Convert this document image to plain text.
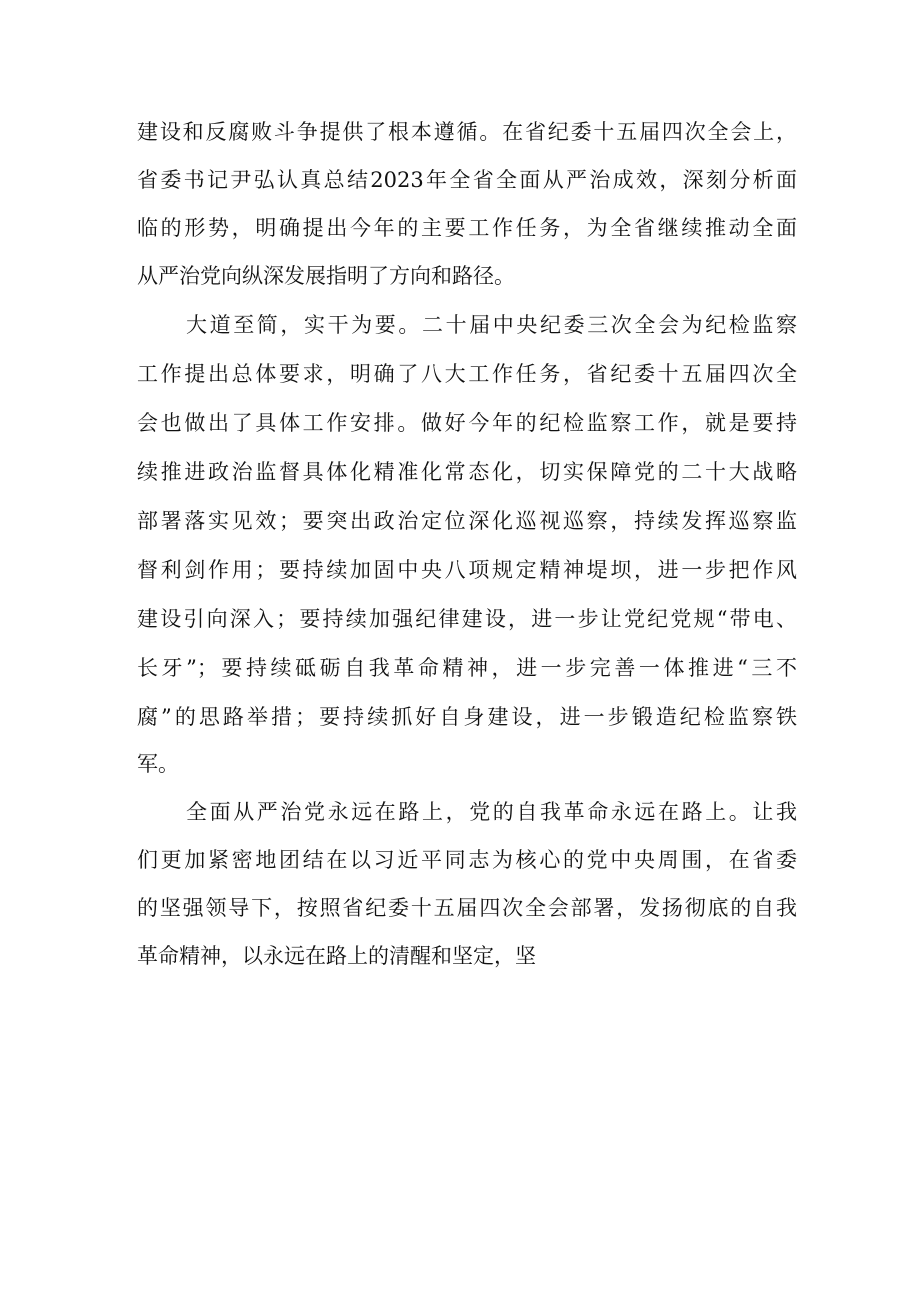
建设和反腐败斗争提供了根本遵循。在省纪委十五届四次全会上，
省委书记尹弘认真总结2023年全省全面从严治成效，深刻分析面
临的形势，明确提出今年的主要工作任务，为全省继续推动全面
从严治党向纵深发展指明了方向和路径。
大道至简，实干为要。二十届中央纪委三次全会为纪检监察
工作提出总体要求，明确了八大工作任务，省纪委十五届四次全
会也做出了具体工作安排。做好今年的纪检监察工作，就是要持
续推进政治监督具体化精准化常态化，切实保障党的二十大战略
部署落实见效；要突出政治定位深化巡视巡察，持续发挥巡察监
督利剑作用；要持续加固中央八项规定精神堤坝，进一步把作风
建设引向深入；要持续加强纪律建设，进一步让党纪党规“带电、
长牙”；要持续砥砺自我革命精神，进一步完善一体推进“三不
腐”的思路举措；要持续抓好自身建设，进一步锻造纪检监察铁
军。
全面从严治党永远在路上，党的自我革命永远在路上。让我
们更加紧密地团结在以习近平同志为核心的党中央周围，在省委
的坚强领导下，按照省纪委十五届四次全会部署，发扬彻底的自我
革命精神，以永远在路上的清醒和坚定，坚
